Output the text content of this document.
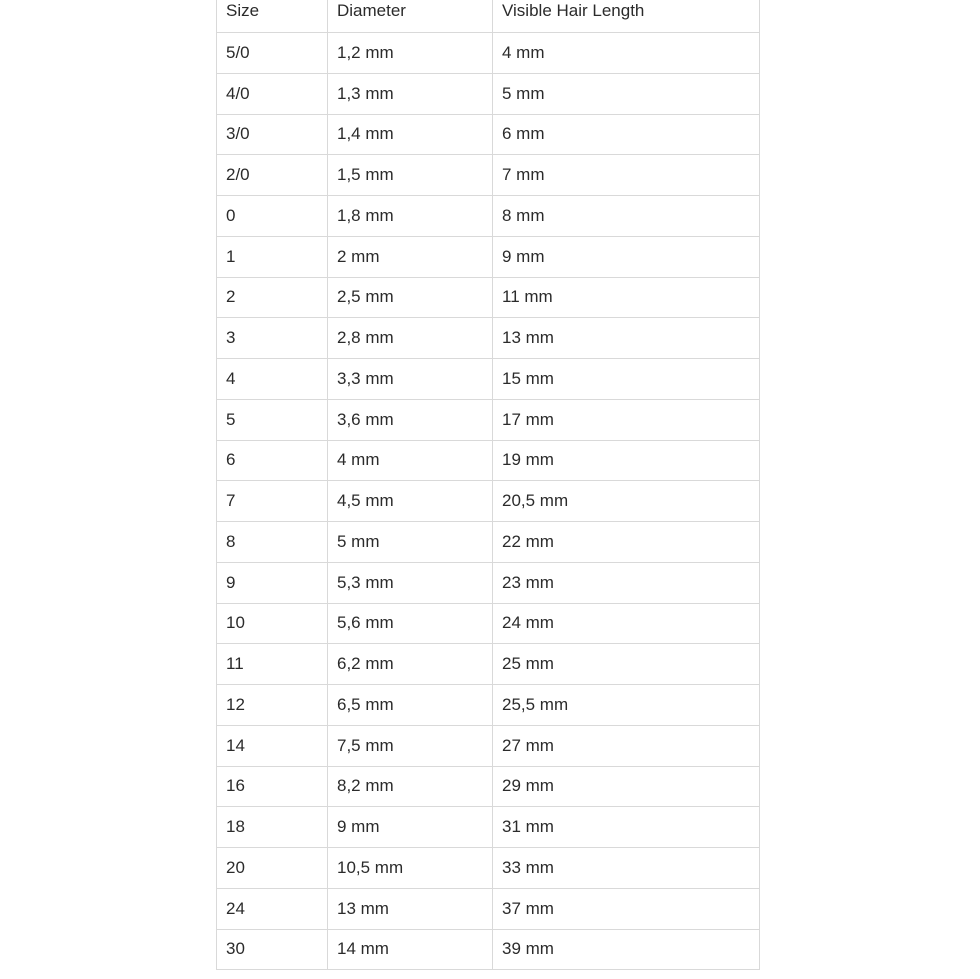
Size	Diameter	Visible Hair Length
5/0	1,2 mm	4 mm
4/0	1,3 mm	5 mm
3/0	1,4 mm	6 mm
2/0	1,5 mm	7 mm
0	1,8 mm	8 mm
1	2 mm	9 mm
2	2,5 mm	11 mm
3	2,8 mm	13 mm
4	3,3 mm	15 mm
5	3,6 mm	17 mm
6	4 mm	19 mm
7	4,5 mm	20,5 mm
8	5 mm	22 mm
9	5,3 mm	23 mm
10	5,6 mm	24 mm
11	6,2 mm	25 mm
12	6,5 mm	25,5 mm
14	7,5 mm	27 mm
16	8,2 mm	29 mm
18	9 mm	31 mm
20	10,5 mm	33 mm
24	13 mm	37 mm
30	14 mm	39 mm
